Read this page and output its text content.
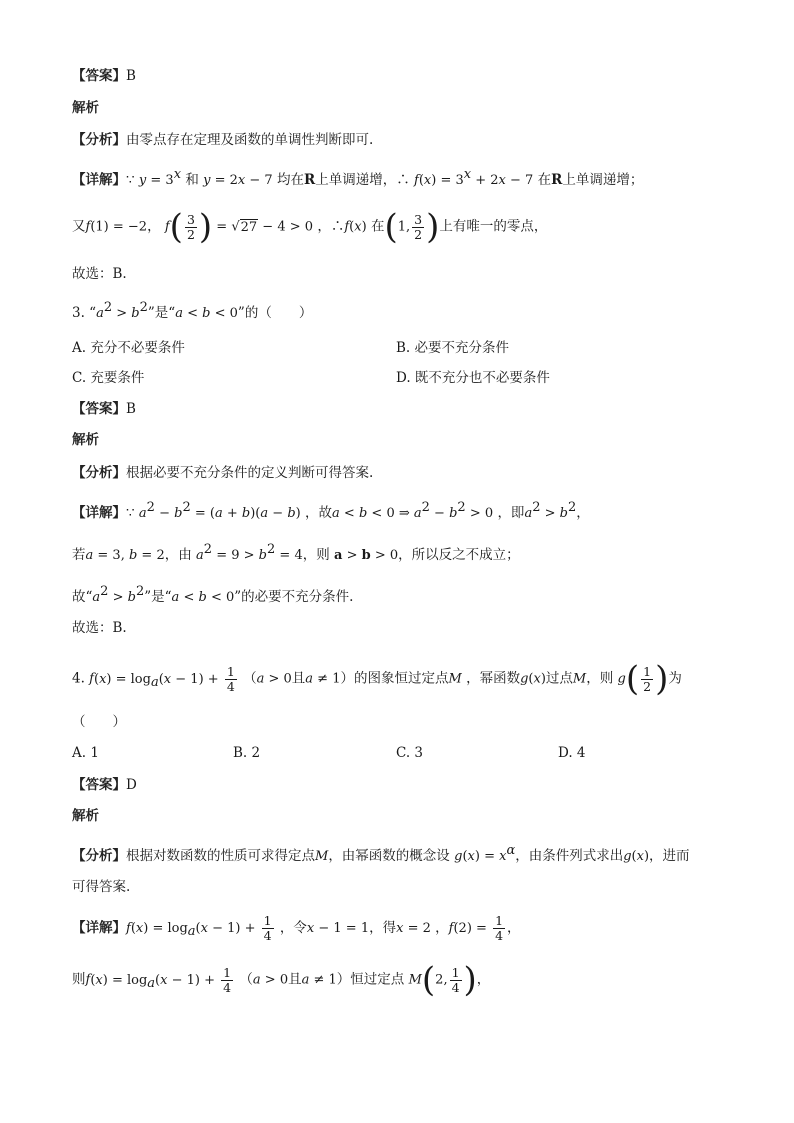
【答案】B
解析
【分析】由零点存在定理及函数的单调性判断即可.
【详解】∵ $y = 3^x$ 和 y = 2x − 7 均在R上单调递增，∴ $f(x) = 3^x + 2x - 7$ 在R上单调递增；
又f(1) = −2， $f( \frac{3}{2}$ ) = √27 − 4 > 0 ，∴f(x) 在(1, $\frac{3}{2}$ )上有唯一的零点，
故选：B.
3. “$a^2 > b^2$”是“a < b < 0”的（　　）
A. 充分不必要条件	B. 必要不充分条件
C. 充要条件	D. 既不充分也不必要条件
【答案】B
解析
【分析】根据必要不充分条件的定义判断可得答案.
【详解】∵ $a^2 - b^2 = (a + b)(a - b)$ ，故a < b < 0 ⇒ $a^2 - b^2 > 0$ ，即$a^2 > b^2$，
若a = 3, b = 2，由 $a^2 = 9 > b^2 = 4$，则 a > b > 0，所以反之不成立；
故“$a^2 > b^2$”是“a < b < 0”的必要不充分条件.
故选：B.
4. $f(x) = \log_a(x - 1) + \frac{1}{4} (a > 0$且a ≠ 1）的图象恒过定点M ，幂函数g(x)过点M，则 $g( \frac{1}{2}$ )为
（　　）
A. 1	B. 2	C. 3	D. 4
【答案】D
解析
【分析】根据对数函数的性质可求得定点M，由幂函数的概念设 $g(x) = x^\alpha$，由条件列式求出g(x)，进而
可得答案.
【详解】$f(x) = \log_a(x - 1) + \frac{1}{4}$ ，令x − 1 = 1，得x = 2 ，$f(2) = \frac{1}{4}$ ，
则$f(x) = \log_a(x - 1) + \frac{1}{4} (a > 0$且a ≠ 1）恒过定点 M(2, $\frac{1}{4}$ )，
